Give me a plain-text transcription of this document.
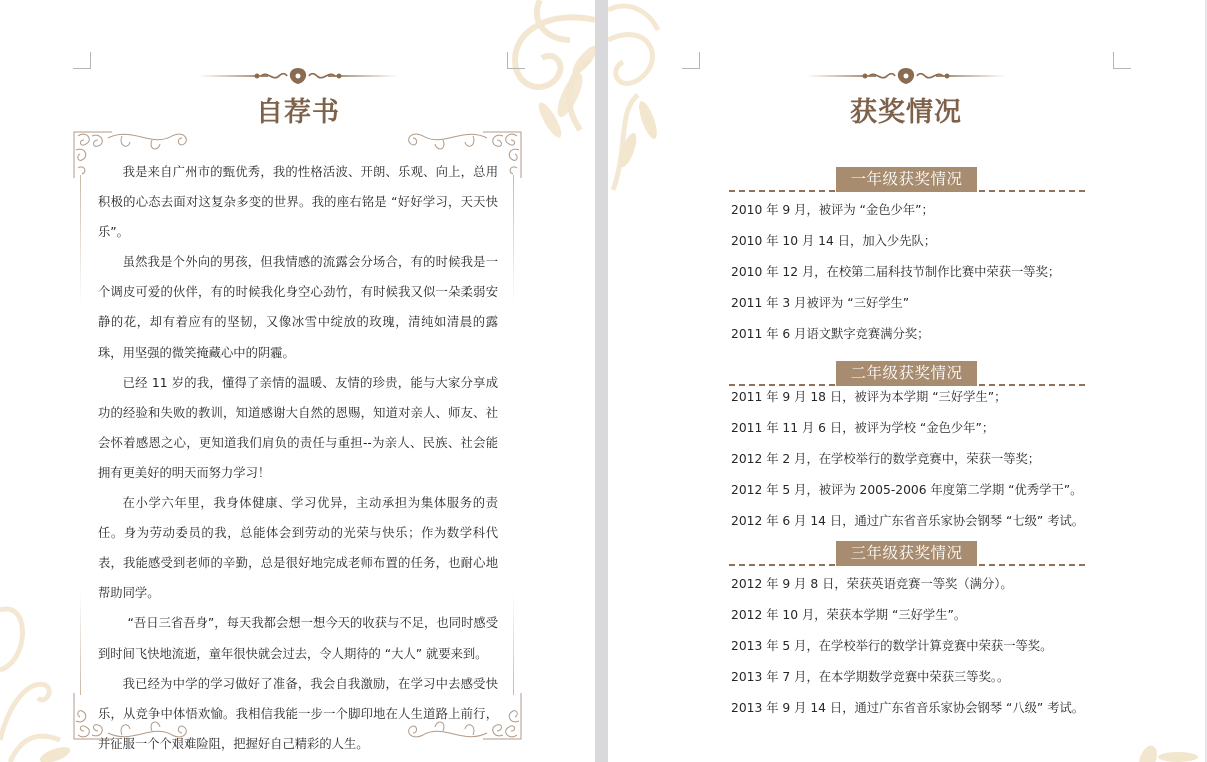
自荐书

我是来自广州市的甄优秀，我的性格活波、开朗、乐观、向上，总用积极的心态去面对这复杂多变的世界。我的座右铭是 “好好学习，天天快乐”。

虽然我是个外向的男孩，但我情感的流露会分场合，有的时候我是一个调皮可爱的伙伴，有的时候我化身空心劲竹，有时候我又似一朵柔弱安静的花，却有着应有的坚韧，又像冰雪中绽放的玫瑰，清纯如清晨的露珠，用坚强的微笑掩藏心中的阴霾。

已经 11 岁的我，懂得了亲情的温暖、友情的珍贵，能与大家分享成功的经验和失败的教训，知道感谢大自然的恩赐，知道对亲人、师友、社会怀着感恩之心，更知道我们肩负的责任与重担--为亲人、民族、社会能拥有更美好的明天而努力学习！

在小学六年里，我身体健康、学习优异，主动承担为集体服务的责任。身为劳动委员的我，总能体会到劳动的光荣与快乐；作为数学科代表，我能感受到老师的辛勤，总是很好地完成老师布置的任务，也耐心地帮助同学。

“吾日三省吾身”，每天我都会想一想今天的收获与不足，也同时感受到时间飞快地流逝，童年很快就会过去，令人期待的 “大人” 就要来到。

我已经为中学的学习做好了准备，我会自我激励，在学习中去感受快乐，从竞争中体悟欢愉。我相信我能一步一个脚印地在人生道路上前行，并征服一个个艰难险阻，把握好自己精彩的人生。

获奖情况
一年级获奖情况
2010 年 9 月，被评为 “金色少年”；
2010 年 10 月 14 日，加入少先队；
2010 年 12 月，在校第二届科技节制作比赛中荣获一等奖；
2011 年 3 月被评为 “三好学生”
2011 年 6 月语文默字竞赛满分奖；
二年级获奖情况
2011 年 9 月 18 日，被评为本学期 “三好学生”；
2011 年 11 月 6 日，被评为学校 “金色少年”；
2012 年 2 月，在学校举行的数学竞赛中，荣获一等奖；
2012 年 5 月，被评为 2005-2006 年度第二学期 “优秀学干”。
2012 年 6 月 14 日，通过广东省音乐家协会钢琴 “七级” 考试。
三年级获奖情况
2012 年 9 月 8 日，荣获英语竞赛一等奖（满分）。
2012 年 10 月，荣获本学期 “三好学生”。
2013 年 5 月，在学校举行的数学计算竞赛中荣获一等奖。
2013 年 7 月，在本学期数学竞赛中荣获三等奖。。
2013 年 9 月 14 日，通过广东省音乐家协会钢琴 “八级” 考试。
